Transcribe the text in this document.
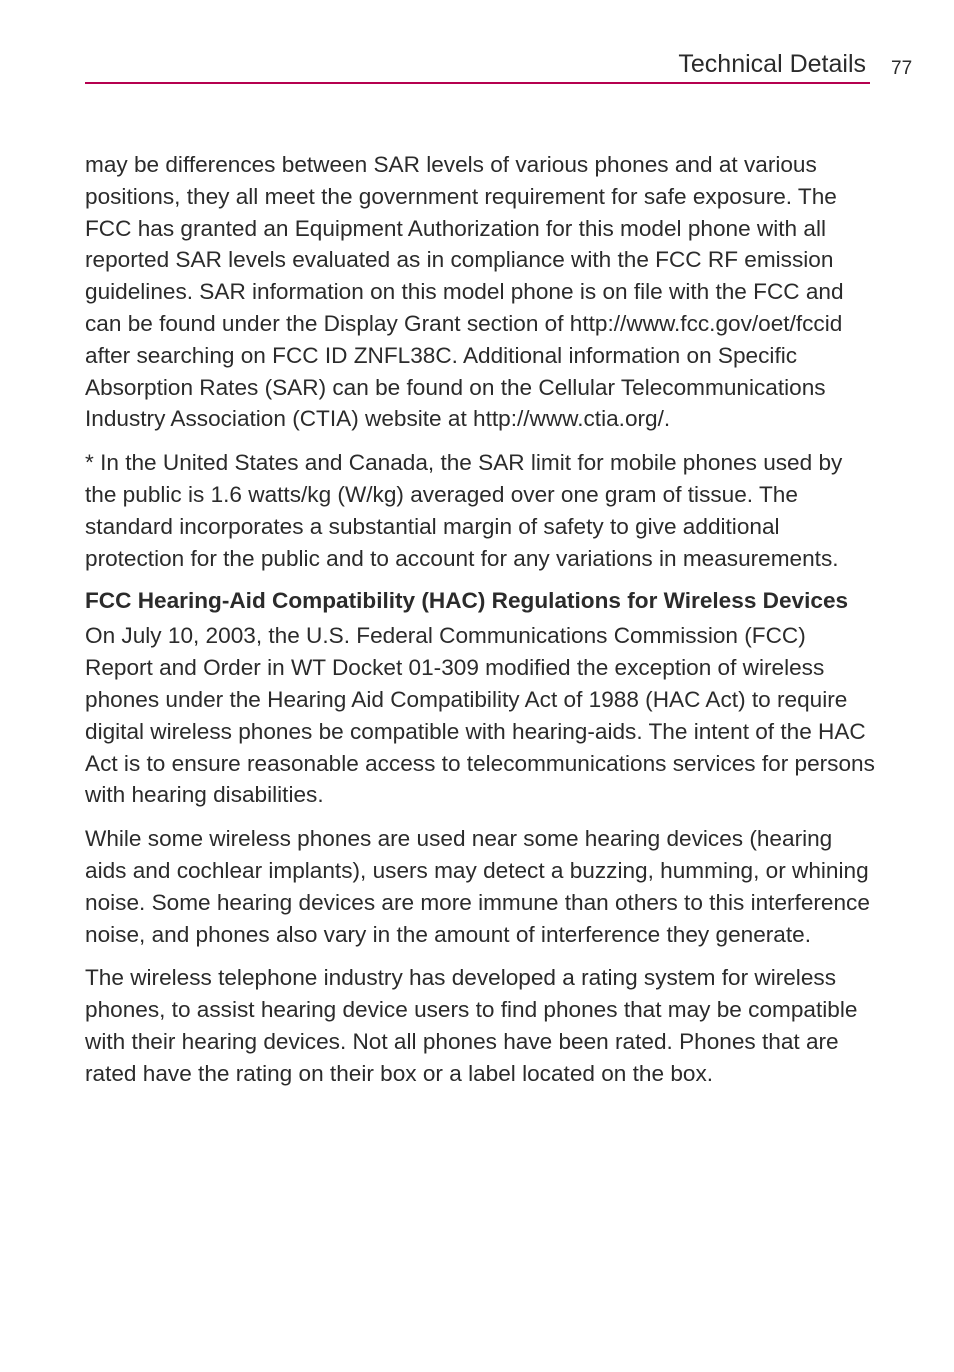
Technical Details 77

may be differences between SAR levels of various phones and at various positions, they all meet the government requirement for safe exposure. The FCC has granted an Equipment Authorization for this model phone with all reported SAR levels evaluated as in compliance with the FCC RF emission guidelines. SAR information on this model phone is on file with the FCC and can be found under the Display Grant section of http://www.fcc.gov/oet/fccid after searching on FCC ID ZNFL38C. Additional information on Specific Absorption Rates (SAR) can be found on the Cellular Telecommunications Industry Association (CTIA) website at http://www.ctia.org/.

* In the United States and Canada, the SAR limit for mobile phones used by the public is 1.6 watts/kg (W/kg) averaged over one gram of tissue. The standard incorporates a substantial margin of safety to give additional protection for the public and to account for any variations in measurements.

FCC Hearing-Aid Compatibility (HAC) Regulations for Wireless Devices

On July 10, 2003, the U.S. Federal Communications Commission (FCC) Report and Order in WT Docket 01-309 modified the exception of wireless phones under the Hearing Aid Compatibility Act of 1988 (HAC Act) to require digital wireless phones be compatible with hearing-aids. The intent of the HAC Act is to ensure reasonable access to telecommunications services for persons with hearing disabilities.

While some wireless phones are used near some hearing devices (hearing aids and cochlear implants), users may detect a buzzing, humming, or whining noise. Some hearing devices are more immune than others to this interference noise, and phones also vary in the amount of interference they generate.

The wireless telephone industry has developed a rating system for wireless phones, to assist hearing device users to find phones that may be compatible with their hearing devices. Not all phones have been rated. Phones that are rated have the rating on their box or a label located on the box.
